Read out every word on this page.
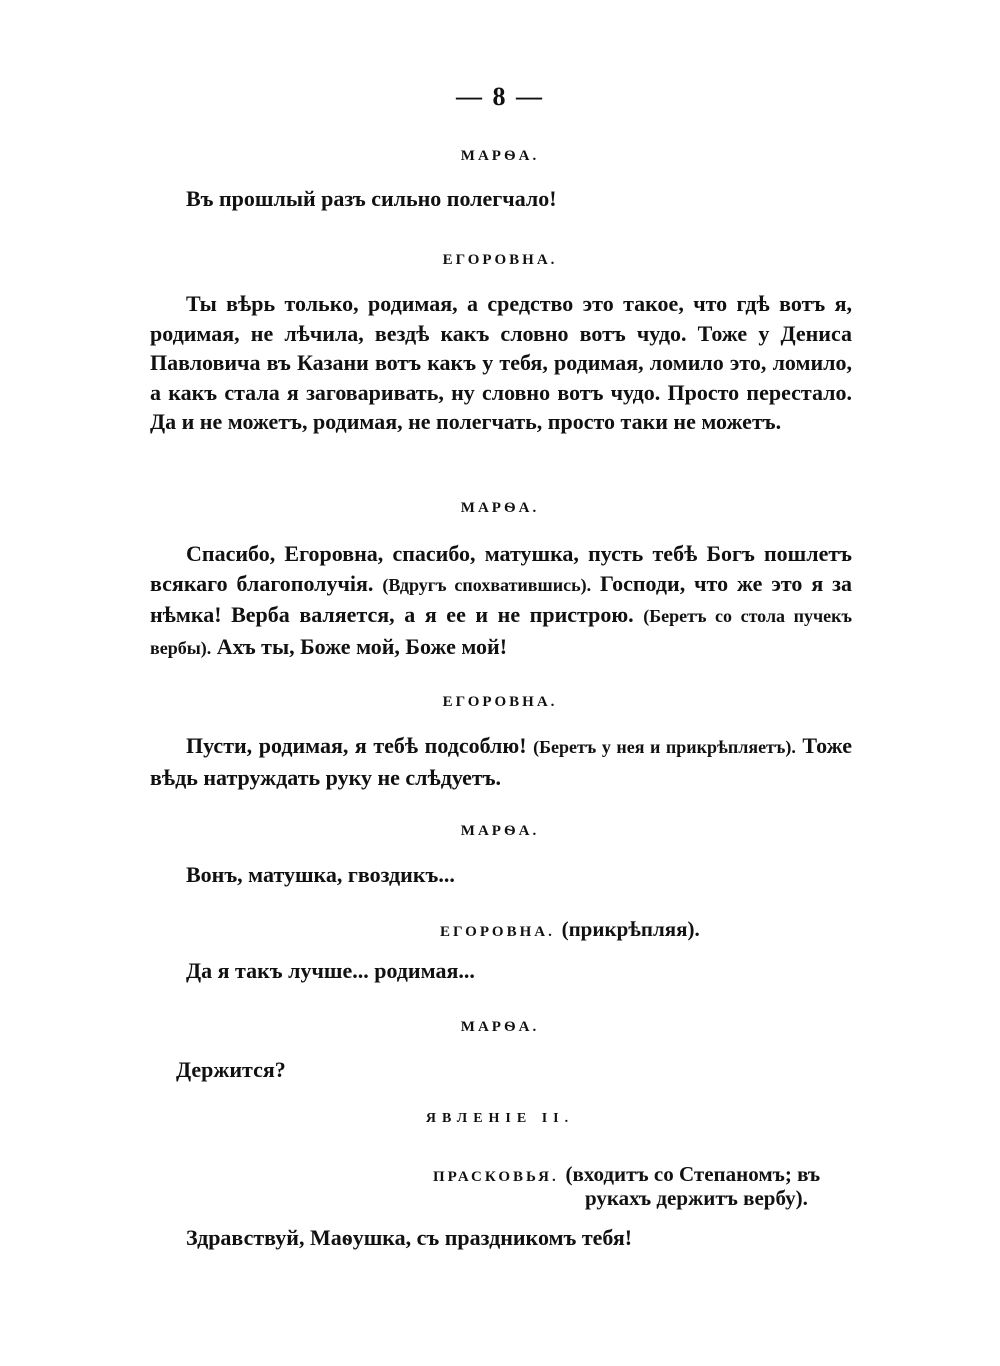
— 8 —
МАРѲА.
Въ прошлый разъ сильно полегчало!
ЕГОРОВНА.
Ты вѣрь только, родимая, а средство это такое, что гдѣ вотъ я, родимая, не лѣчила, вездѣ какъ словно вотъ чудо. Тоже у Дениса Павловича въ Казани вотъ какъ у тебя, родимая, ломило это, ломило, а какъ стала я заговаривать, ну словно вотъ чудо. Просто перестало. Да и не можетъ, родимая, не полегчать, просто таки не можетъ.
МАРѲА.
Спасибо, Егоровна, спасибо, матушка, пусть тебѣ Богъ пошлетъ всякаго благополучія. (Вдругъ спохватившись). Господи, что же это я за нѣмка! Верба валяется, а я ее и не пристрою. (Беретъ со стола пучекъ вербы). Ахъ ты, Боже мой, Боже мой!
ЕГОРОВНА.
Пусти, родимая, я тебѣ подсоблю! (Беретъ у нея и прикрѣпляетъ). Тоже вѣдь натруждать руку не слѣдуетъ.
МАРѲА.
Вонъ, матушка, гвоздикъ...
ЕГОРОВНА. (прикрѣпляя).
Да я такъ лучше... родимая...
МАРѲА.
Держится?
ЯВЛЕНІЕ II.
ПРАСКОВЬЯ. (входитъ со Степаномъ; въ
рукахъ держитъ вербу).
Здравствуй, Маѳушка, съ праздникомъ тебя!
